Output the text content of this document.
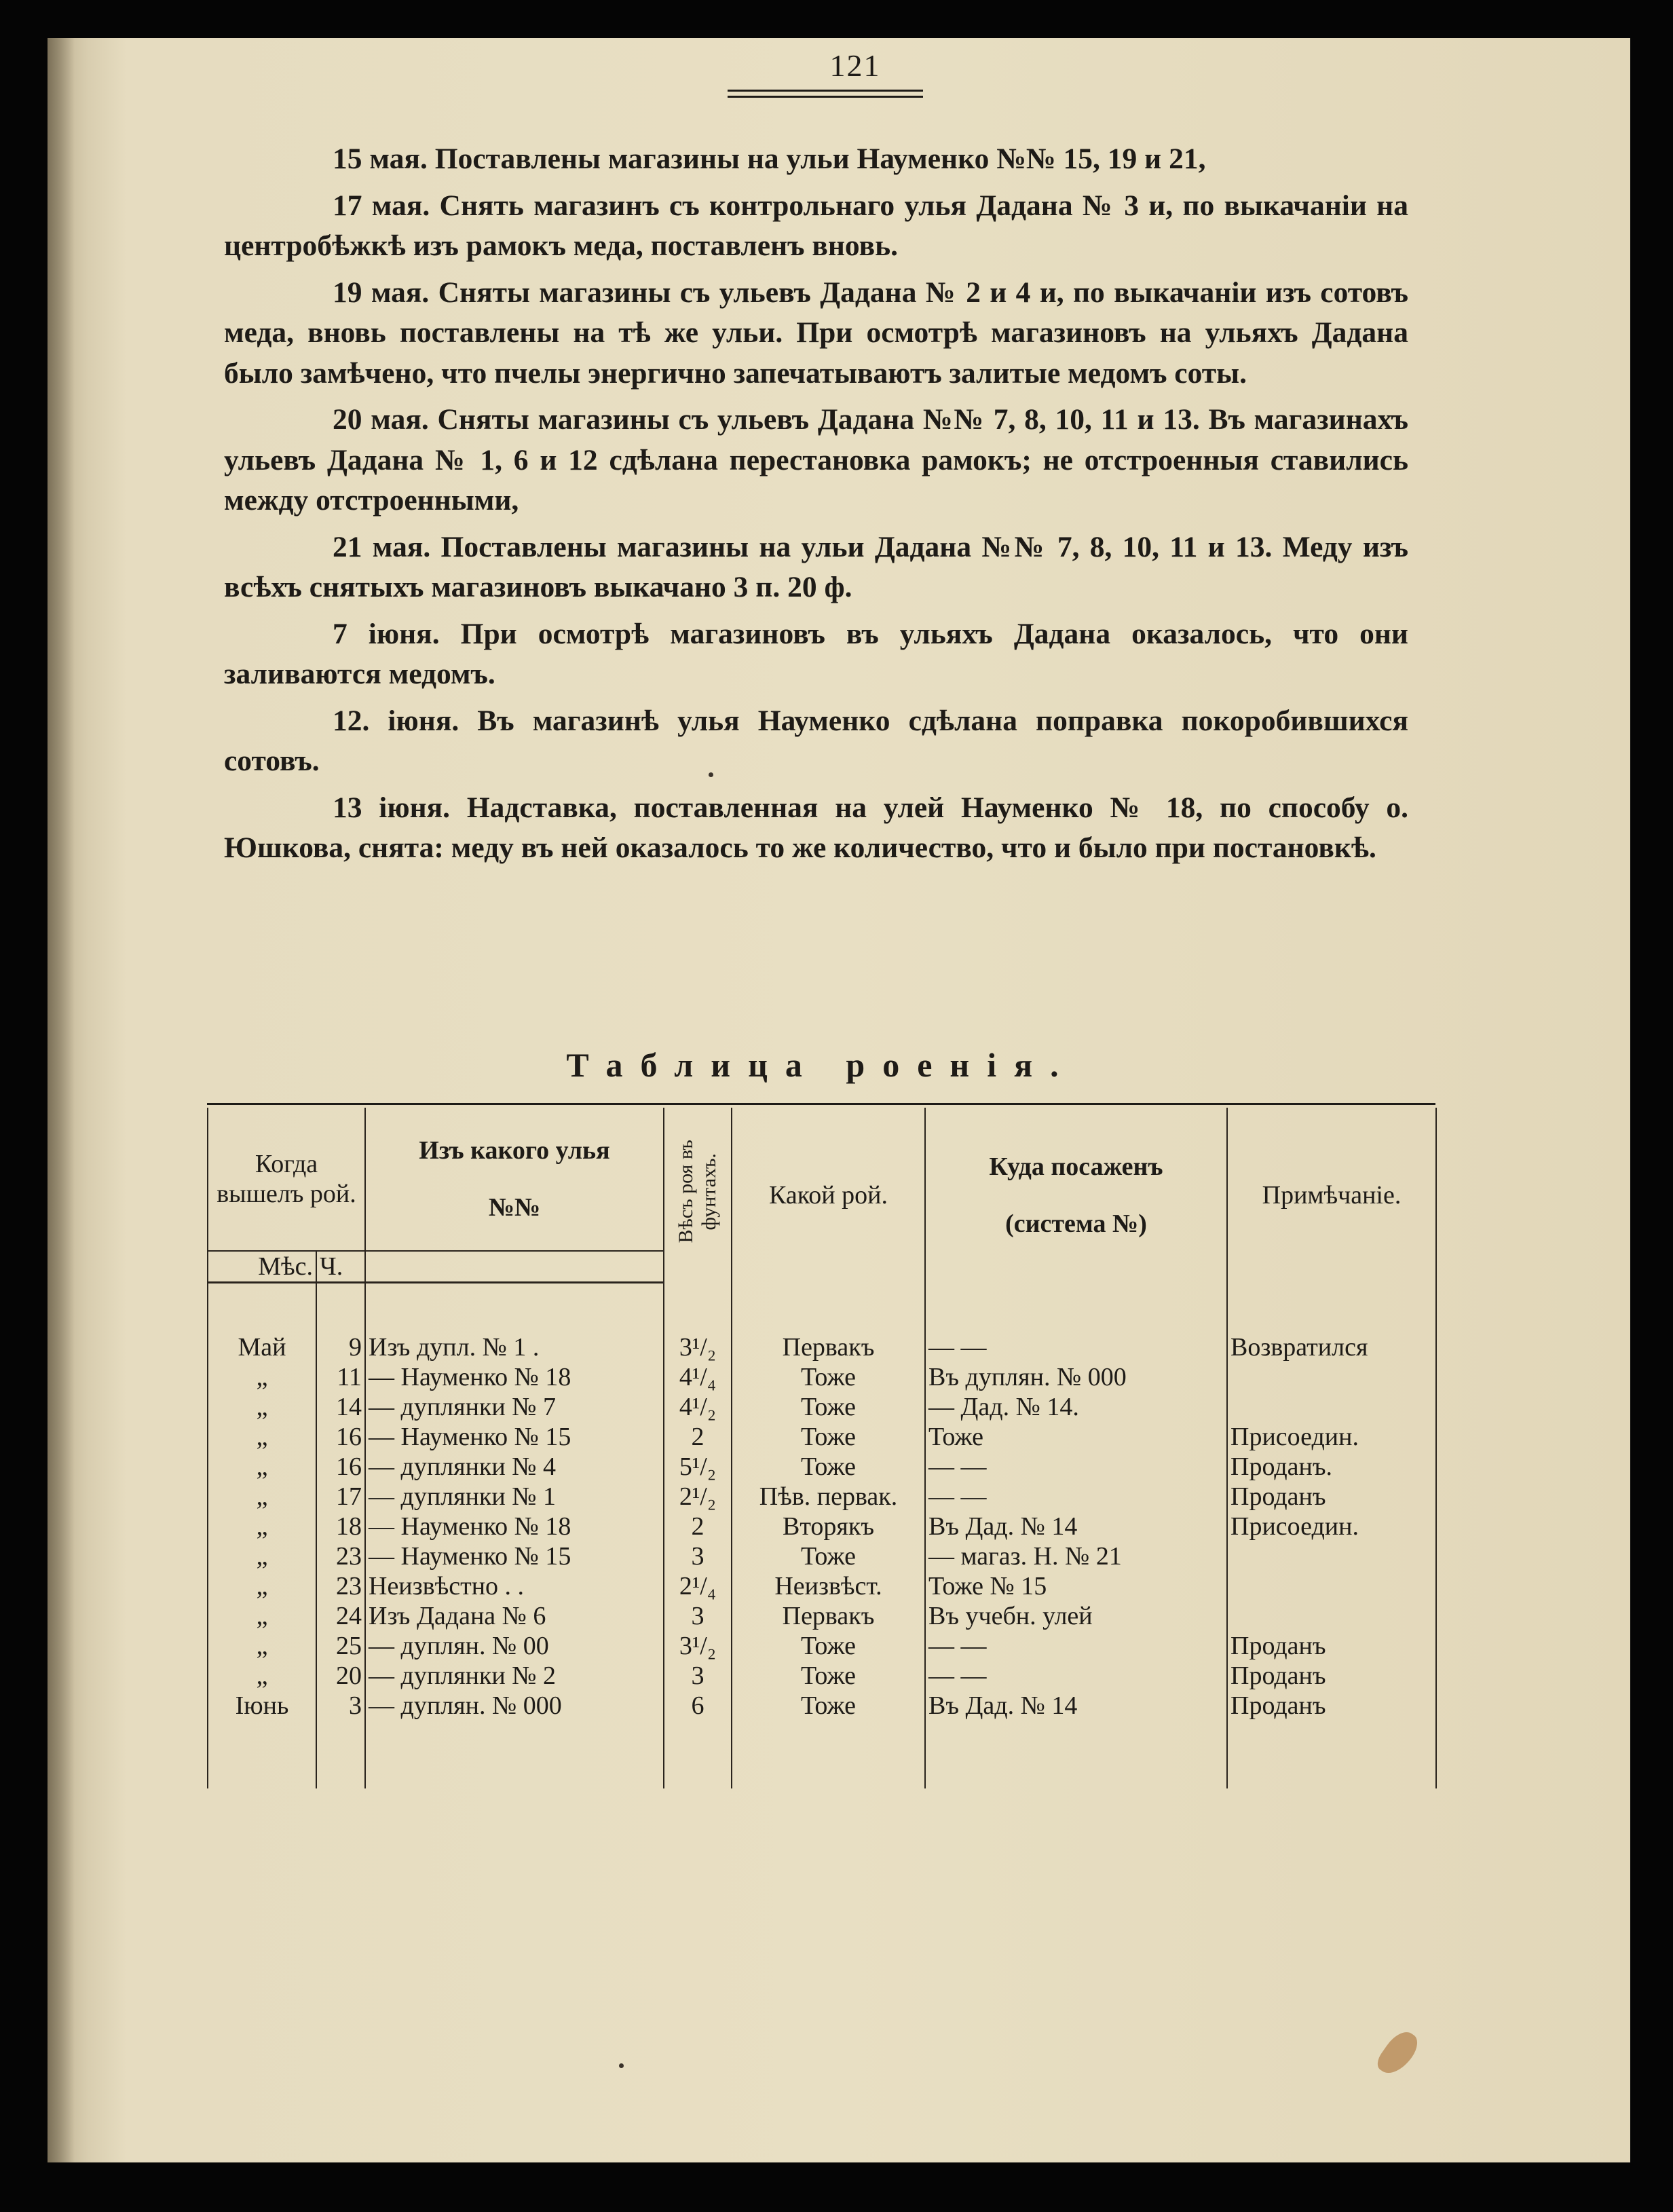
121

15 мая. Поставлены магазины на ульи Науменко №№ 15, 19 и 21,

17 мая. Снять магазинъ съ контрольнаго улья Дадана № 3 и, по выкачанiи на центробѣжкѣ изъ рамокъ меда, поставленъ вновь.

19 мая. Сняты магазины съ ульевъ Дадана № 2 и 4 и, по выкачанiи изъ сотовъ меда, вновь поставлены на тѣ же ульи. При осмотрѣ магазиновъ на ульяхъ Дадана было замѣчено, что пчелы энергично запечатываютъ залитые медомъ соты.

20 мая. Сняты магазины съ ульевъ Дадана №№ 7, 8, 10, 11 и 13. Въ магазинахъ ульевъ Дадана № 1, 6 и 12 сдѣлана перестановка рамокъ; не отстроенныя ставились между отстроенными,

21 мая. Поставлены магазины на ульи Дадана №№ 7, 8, 10, 11 и 13. Меду изъ всѣхъ снятыхъ магазиновъ выкачано 3 п. 20 ф.

7 iюня. При осмотрѣ магазиновъ въ ульяхъ Дадана оказалось, что они заливаются медомъ.

12. iюня. Въ магазинѣ улья Науменко сдѣлана поправка покоробившихся сотовъ.

13 iюня. Надставка, поставленная на улей Науменко № 18, по способу о. Юшкова, снята: меду въ ней оказалось то же количество, что и было при постановкѣ.

Таблица роенiя.
Когда вышелъ рой.		Изъ какого улья
№№	Вѣсъ роя въ фунтахъ.	Какой рой.	Куда посаженъ
(система №)	Примѣчанiе.
Мѣс.	Ч.					

Май	9	Изъ дупл. № 1 .	3¹/₂	Первакъ	— —	Возвратился
„	11	— Науменко № 18	4¹/₄	Тоже	Въ дуплян. № 000	
„	14	— дуплянки № 7	4¹/₂	Тоже	— Дад. № 14.	
„	16	— Науменко № 15	2	Тоже	Тоже	Присоедин.
„	16	— дуплянки № 4	5¹/₂	Тоже	— —	Проданъ.
„	17	— дуплянки № 1	2¹/₂	Пѣв. первак.	— —	Проданъ
„	18	— Науменко № 18	2	Вторякъ	Въ Дад. № 14	Присоедин.
„	23	— Науменко № 15	3	Тоже	— магаз. Н. № 21	
„	23	Неизвѣстно . .	2¹/₄	Неизвѣст.	Тоже № 15	
„	24	Изъ Дадана № 6	3	Первакъ	Въ учебн. улей	
„	25	— дуплян. № 00	3¹/₂	Тоже	— —	Проданъ
„	20	— дуплянки № 2	3	Тоже	— —	Проданъ
Iюнь	3	— дуплян. № 000	6	Тоже	Въ Дад. № 14	Проданъ
